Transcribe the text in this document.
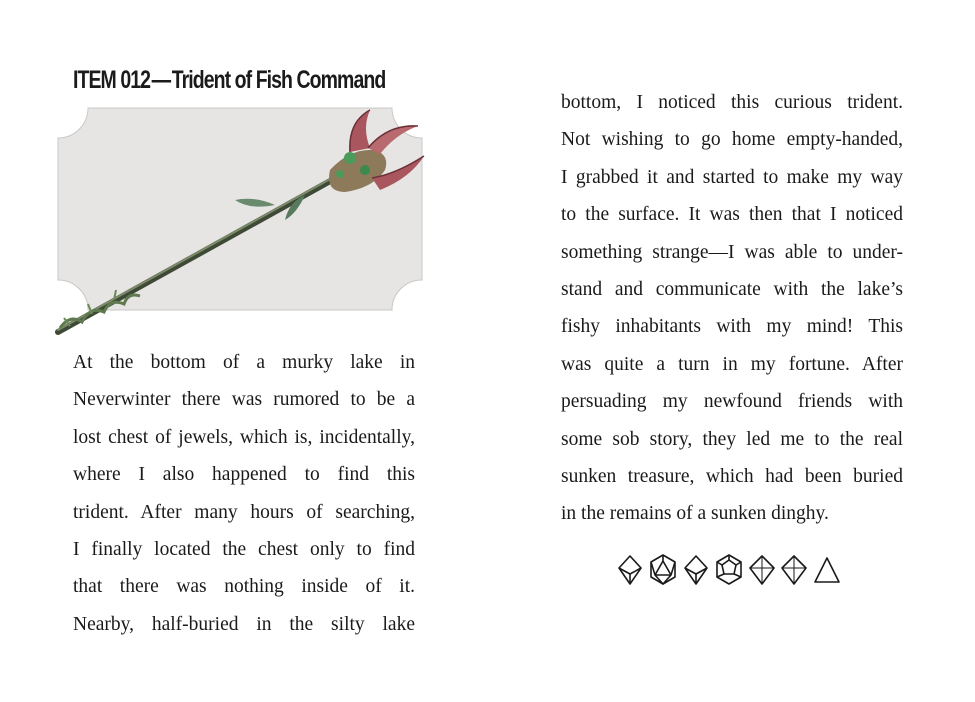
ITEM 012—Trident of Fish Command
At the bottom of a murky lake in
Neverwinter there was rumored to be a
lost chest of jewels, which is, incidentally,
where I also happened to find this
trident. After many hours of searching,
I finally located the chest only to find
that there was nothing inside of it.
Nearby, half-buried in the silty lake
bottom, I noticed this curious trident.
Not wishing to go home empty-handed,
I grabbed it and started to make my way
to the surface. It was then that I noticed
something strange—I was able to under-
stand and communicate with the lake’s
fishy inhabitants with my mind! This
was quite a turn in my fortune. After
persuading my newfound friends with
some sob story, they led me to the real
sunken treasure, which had been buried
in the remains of a sunken dinghy.
